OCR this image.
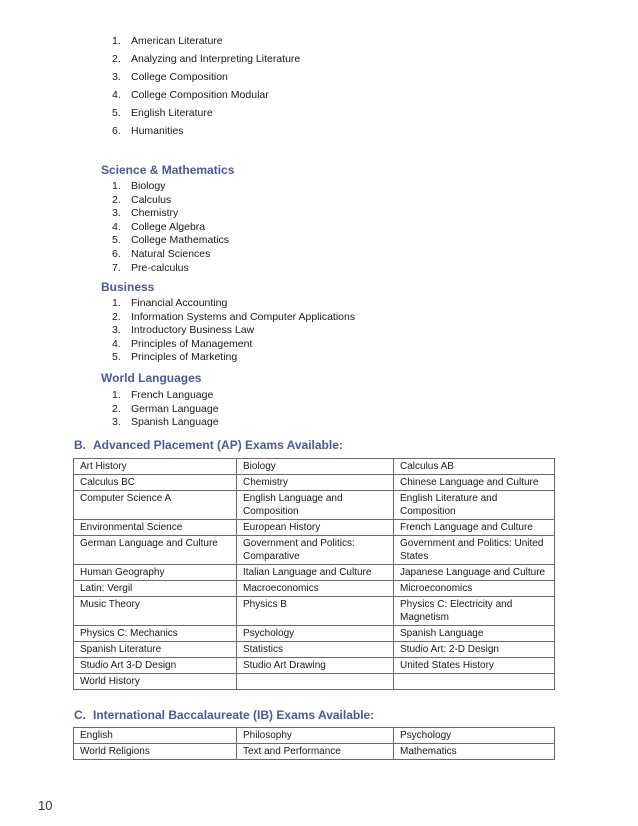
1. American Literature
2. Analyzing and Interpreting Literature
3. College Composition
4. College Composition Modular
5. English Literature
6. Humanities
Science & Mathematics
1. Biology
2. Calculus
3. Chemistry
4. College Algebra
5. College Mathematics
6. Natural Sciences
7. Pre-calculus
Business
1. Financial Accounting
2. Information Systems and Computer Applications
3. Introductory Business Law
4. Principles of Management
5. Principles of Marketing
World Languages
1. French Language
2. German Language
3. Spanish Language
B. Advanced Placement (AP) Exams Available:
Art History	Biology	Calculus AB
Calculus BC	Chemistry	Chinese Language and Culture
Computer Science A	English Language and Composition	English Literature and Composition
Environmental Science	European History	French Language and Culture
German Language and Culture	Government and Politics: Comparative	Government and Politics: United States
Human Geography	Italian Language and Culture	Japanese Language and Culture
Latin: Vergil	Macroeconomics	Microeconomics
Music Theory	Physics B	Physics C: Electricity and Magnetism
Physics C: Mechanics	Psychology	Spanish Language
Spanish Literature	Statistics	Studio Art: 2-D Design
Studio Art 3-D Design	Studio Art Drawing	United States History
World History		
C. International Baccalaureate (IB) Exams Available:
English	Philosophy	Psychology
World Religions	Text and Performance	Mathematics
10
